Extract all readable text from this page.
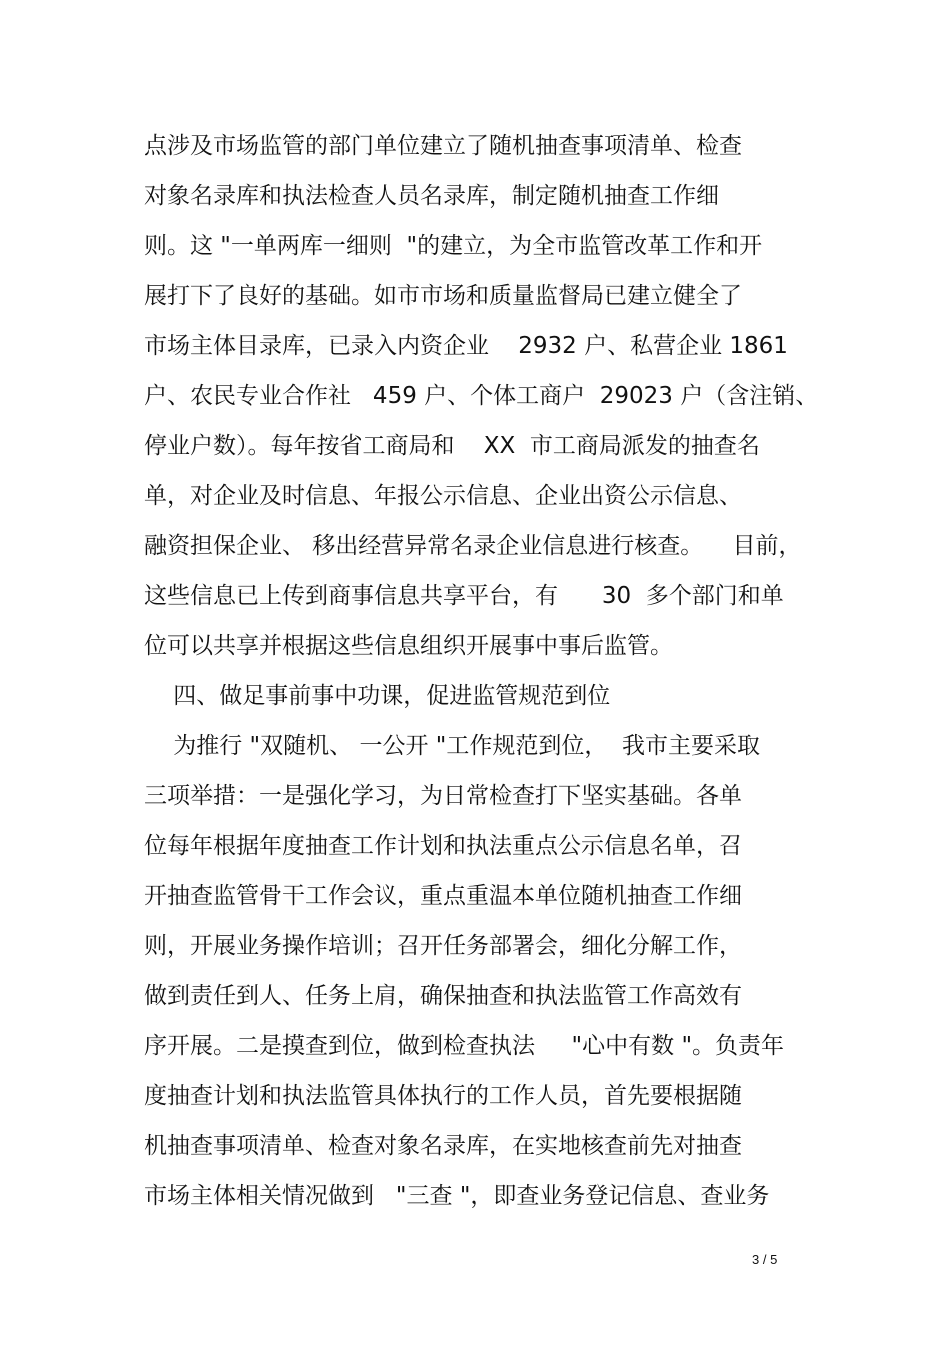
点涉及市场监管的部门单位建立了随机抽查事项清单、检查
对象名录库和执法检查人员名录库，制定随机抽查工作细
则。这 "一单两库一细则  "的建立，为全市监管改革工作和开
展打下了良好的基础。如市市场和质量监督局已建立健全了
市场主体目录库，已录入内资企业    2932 户、私营企业 1861
户、农民专业合作社   459 户、个体工商户  29023 户（含注销、
停业户数）。每年按省工商局和    XX  市工商局派发的抽查名
单，对企业及时信息、年报公示信息、企业出资公示信息、
融资担保企业、 移出经营异常名录企业信息进行核查。    目前，
这些信息已上传到商事信息共享平台，有      30  多个部门和单
位可以共享并根据这些信息组织开展事中事后监管。
四、做足事前事中功课，促进监管规范到位
为推行 "双随机、 一公开 "工作规范到位，  我市主要采取
三项举措：一是强化学习，为日常检查打下坚实基础。各单
位每年根据年度抽查工作计划和执法重点公示信息名单，召
开抽查监管骨干工作会议，重点重温本单位随机抽查工作细
则，开展业务操作培训；召开任务部署会，细化分解工作，
做到责任到人、任务上肩，确保抽查和执法监管工作高效有
序开展。二是摸查到位，做到检查执法     "心中有数 "。负责年
度抽查计划和执法监管具体执行的工作人员，首先要根据随
机抽查事项清单、检查对象名录库，在实地核查前先对抽查
市场主体相关情况做到   "三查 "，即查业务登记信息、查业务
3 / 5
